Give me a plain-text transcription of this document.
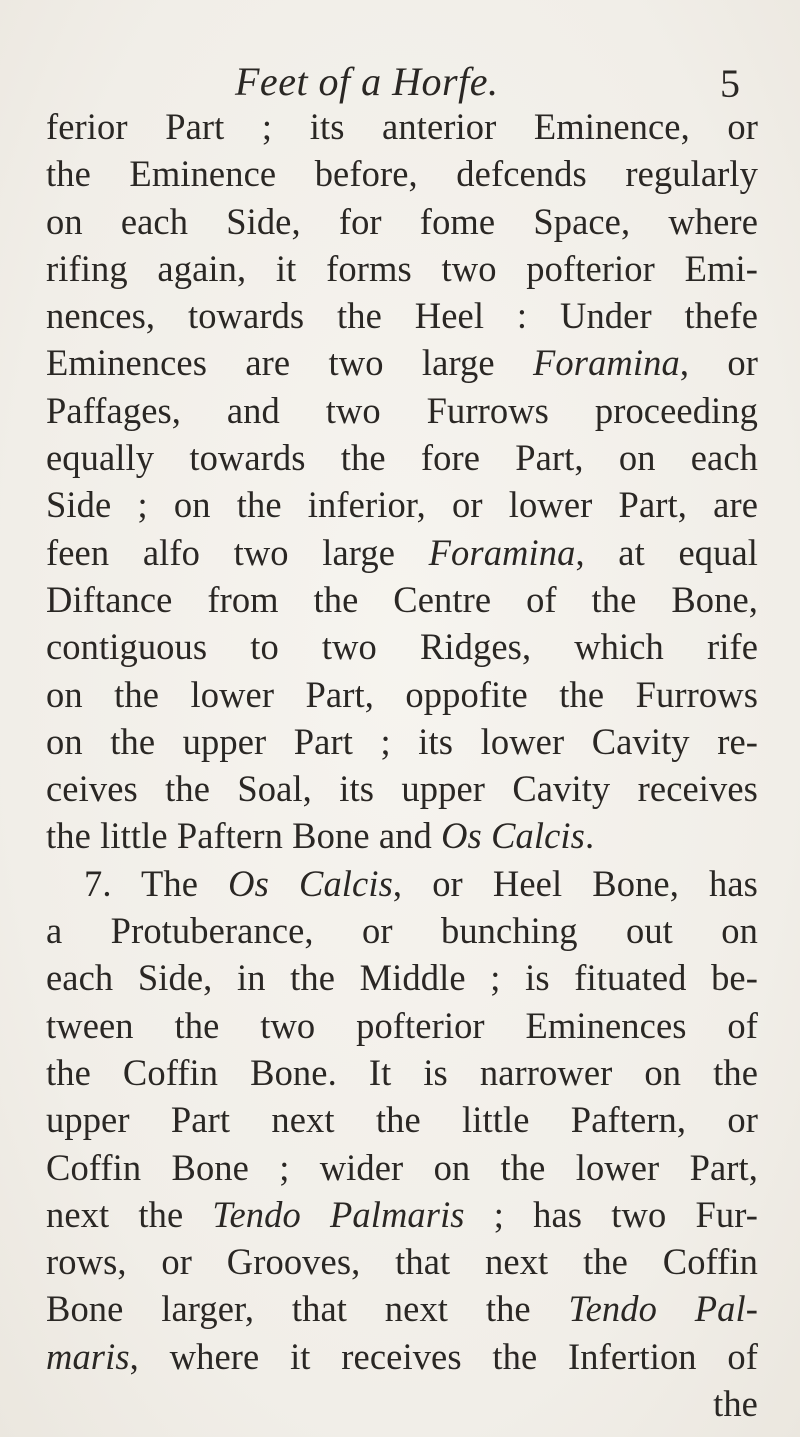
Feet of a Horfe.	5
ferior Part ; its anterior Eminence, or
the Eminence before, defcends regularly
on each Side, for fome Space, where
rifing again, it forms two pofterior Emi-
nences, towards the Heel : Under thefe
Eminences are two large Foramina, or
Paffages, and two Furrows proceeding
equally towards the fore Part, on each
Side ; on the inferior, or lower Part, are
feen alfo two large Foramina, at equal
Diftance from the Centre of the Bone,
contiguous to two Ridges, which rife
on the lower Part, oppofite the Furrows
on the upper Part ; its lower Cavity re-
ceives the Soal, its upper Cavity receives
the little Paftern Bone and Os Calcis.
7. The Os Calcis, or Heel Bone, has
a Protuberance, or bunching out on
each Side, in the Middle ; is fituated be-
tween the two pofterior Eminences of
the Coffin Bone. It is narrower on the
upper Part next the little Paftern, or
Coffin Bone ; wider on the lower Part,
next the Tendo Palmaris ; has two Fur-
rows, or Grooves, that next the Coffin
Bone larger, that next the Tendo Pal-
maris, where it receives the Infertion of
the
